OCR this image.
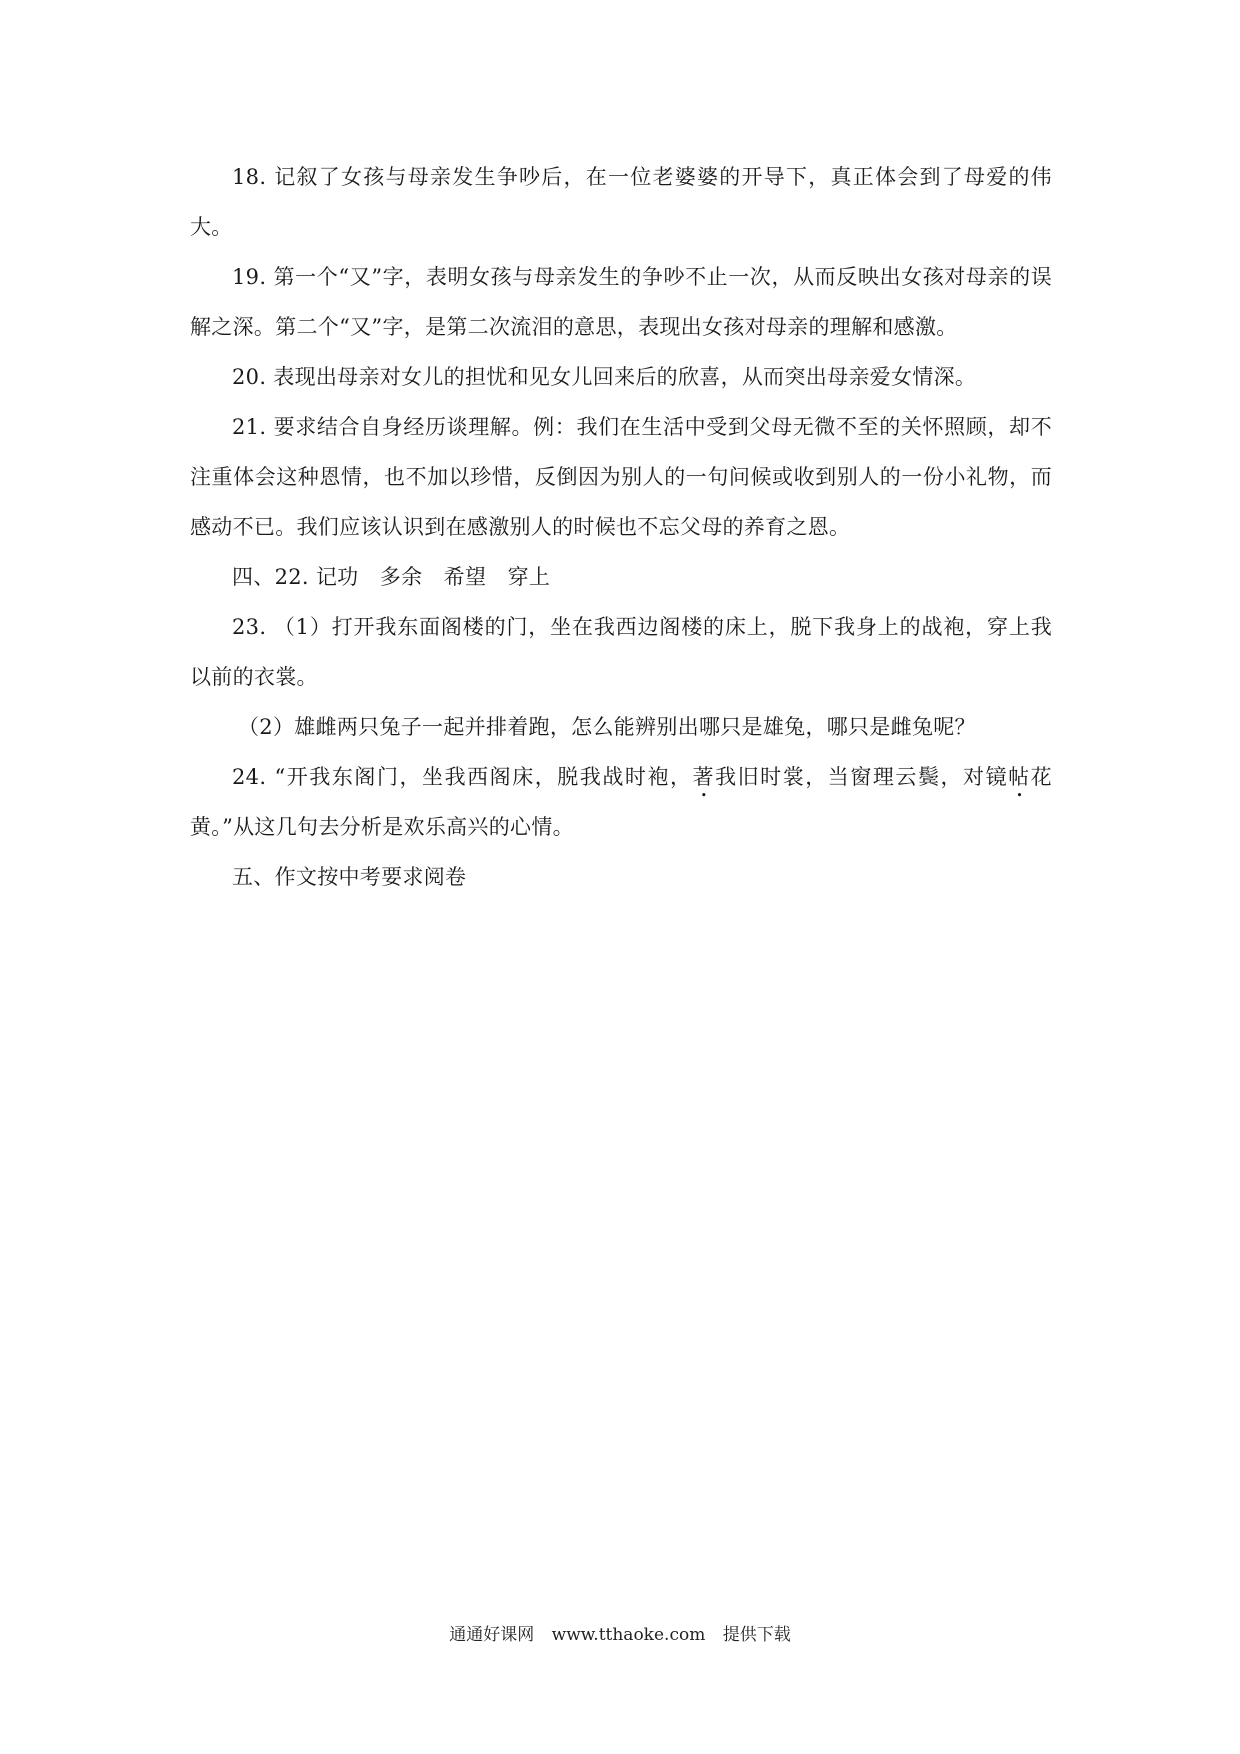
18. 记叙了女孩与母亲发生争吵后，在一位老婆婆的开导下，真正体会到了母爱的伟大。

19. 第一个“又”字，表明女孩与母亲发生的争吵不止一次，从而反映出女孩对母亲的误解之深。第二个“又”字，是第二次流泪的意思，表现出女孩对母亲的理解和感激。

20. 表现出母亲对女儿的担忧和见女儿回来后的欣喜，从而突出母亲爱女情深。

21. 要求结合自身经历谈理解。例：我们在生活中受到父母无微不至的关怀照顾，却不注重体会这种恩情，也不加以珍惜，反倒因为别人的一句问候或收到别人的一份小礼物，而感动不已。我们应该认识到在感激别人的时候也不忘父母的养育之恩。

四、22. 记功　多余　希望　穿上

23. （1）打开我东面阁楼的门，坐在我西边阁楼的床上，脱下我身上的战袍，穿上我以前的衣裳。

（2）雄雌两只兔子一起并排着跑，怎么能辨别出哪只是雄兔，哪只是雌兔呢？

24. “开我东阁门，坐我西阁床，脱我战时袍，著我旧时裳，当窗理云鬓，对镜帖花黄。”从这几句去分析是欢乐高兴的心情。

五、作文按中考要求阅卷

通通好课网 www.tthaoke.com 提供下载
